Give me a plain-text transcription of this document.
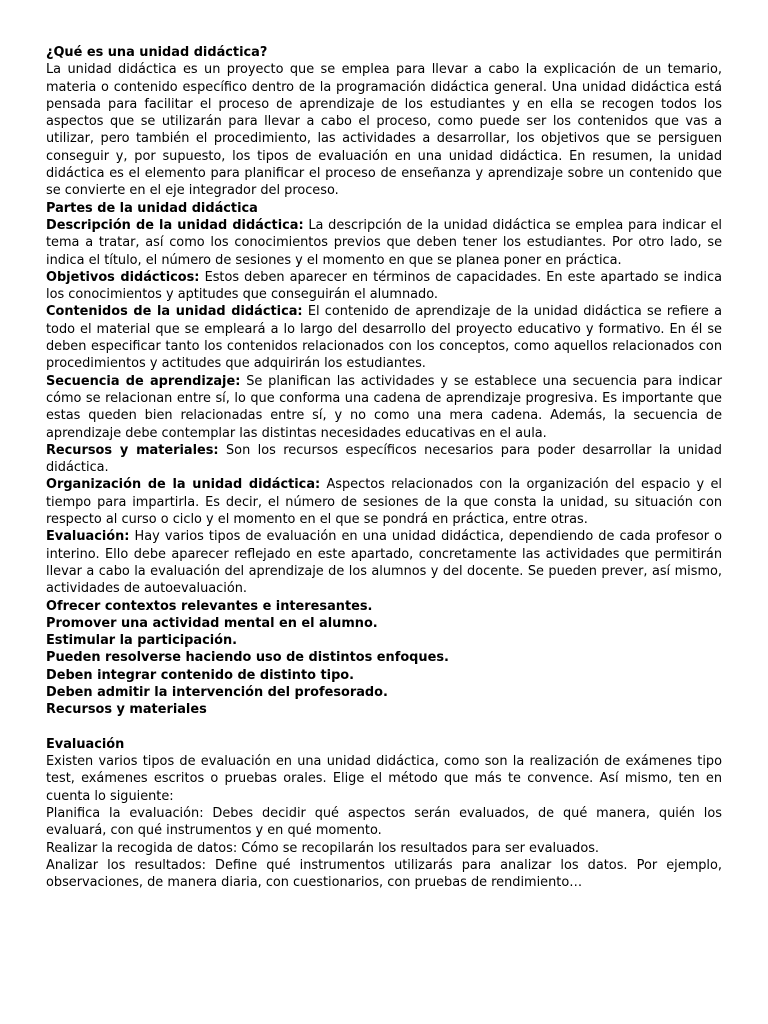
¿Qué es una unidad didáctica?

La unidad didáctica es un proyecto que se emplea para llevar a cabo la explicación de un temario, materia o contenido específico dentro de la programación didáctica general. Una unidad didáctica está pensada para facilitar el proceso de aprendizaje de los estudiantes y en ella se recogen todos los aspectos que se utilizarán para llevar a cabo el proceso, como puede ser los contenidos que vas a utilizar, pero también el procedimiento, las actividades a desarrollar, los objetivos que se persiguen conseguir y, por supuesto, los tipos de evaluación en una unidad didáctica. En resumen, la unidad didáctica es el elemento para planificar el proceso de enseñanza y aprendizaje sobre un contenido que se convierte en el eje integrador del proceso.

Partes de la unidad didáctica

Descripción de la unidad didáctica: La descripción de la unidad didáctica se emplea para indicar el tema a tratar, así como los conocimientos previos que deben tener los estudiantes. Por otro lado, se indica el título, el número de sesiones y el momento en que se planea poner en práctica.

Objetivos didácticos: Estos deben aparecer en términos de capacidades. En este apartado se indica los conocimientos y aptitudes que conseguirán el alumnado.

Contenidos de la unidad didáctica: El contenido de aprendizaje de la unidad didáctica se refiere a todo el material que se empleará a lo largo del desarrollo del proyecto educativo y formativo. En él se deben especificar tanto los contenidos relacionados con los conceptos, como aquellos relacionados con procedimientos y actitudes que adquirirán los estudiantes.

Secuencia de aprendizaje: Se planifican las actividades y se establece una secuencia para indicar cómo se relacionan entre sí, lo que conforma una cadena de aprendizaje progresiva. Es importante que estas queden bien relacionadas entre sí, y no como una mera cadena. Además, la secuencia de aprendizaje debe contemplar las distintas necesidades educativas en el aula.

Recursos y materiales: Son los recursos específicos necesarios para poder desarrollar la unidad didáctica.

Organización de la unidad didáctica: Aspectos relacionados con la organización del espacio y el tiempo para impartirla. Es decir, el número de sesiones de la que consta la unidad, su situación con respecto al curso o ciclo y el momento en el que se pondrá en práctica, entre otras.

Evaluación: Hay varios tipos de evaluación en una unidad didáctica, dependiendo de cada profesor o interino. Ello debe aparecer reflejado en este apartado, concretamente las actividades que permitirán llevar a cabo la evaluación del aprendizaje de los alumnos y del docente. Se pueden prever, así mismo, actividades de autoevaluación.

Ofrecer contextos relevantes e interesantes.

Promover una actividad mental en el alumno.

Estimular la participación.

Pueden resolverse haciendo uso de distintos enfoques.

Deben integrar contenido de distinto tipo.

Deben admitir la intervención del profesorado.

Recursos y materiales

Evaluación

Existen varios tipos de evaluación en una unidad didáctica, como son la realización de exámenes tipo test, exámenes escritos o pruebas orales. Elige el método que más te convence. Así mismo, ten en cuenta lo siguiente:

Planifica la evaluación: Debes decidir qué aspectos serán evaluados, de qué manera, quién los evaluará, con qué instrumentos y en qué momento.

Realizar la recogida de datos: Cómo se recopilarán los resultados para ser evaluados.

Analizar los resultados: Define qué instrumentos utilizarás para analizar los datos. Por ejemplo, observaciones, de manera diaria, con cuestionarios, con pruebas de rendimiento…
